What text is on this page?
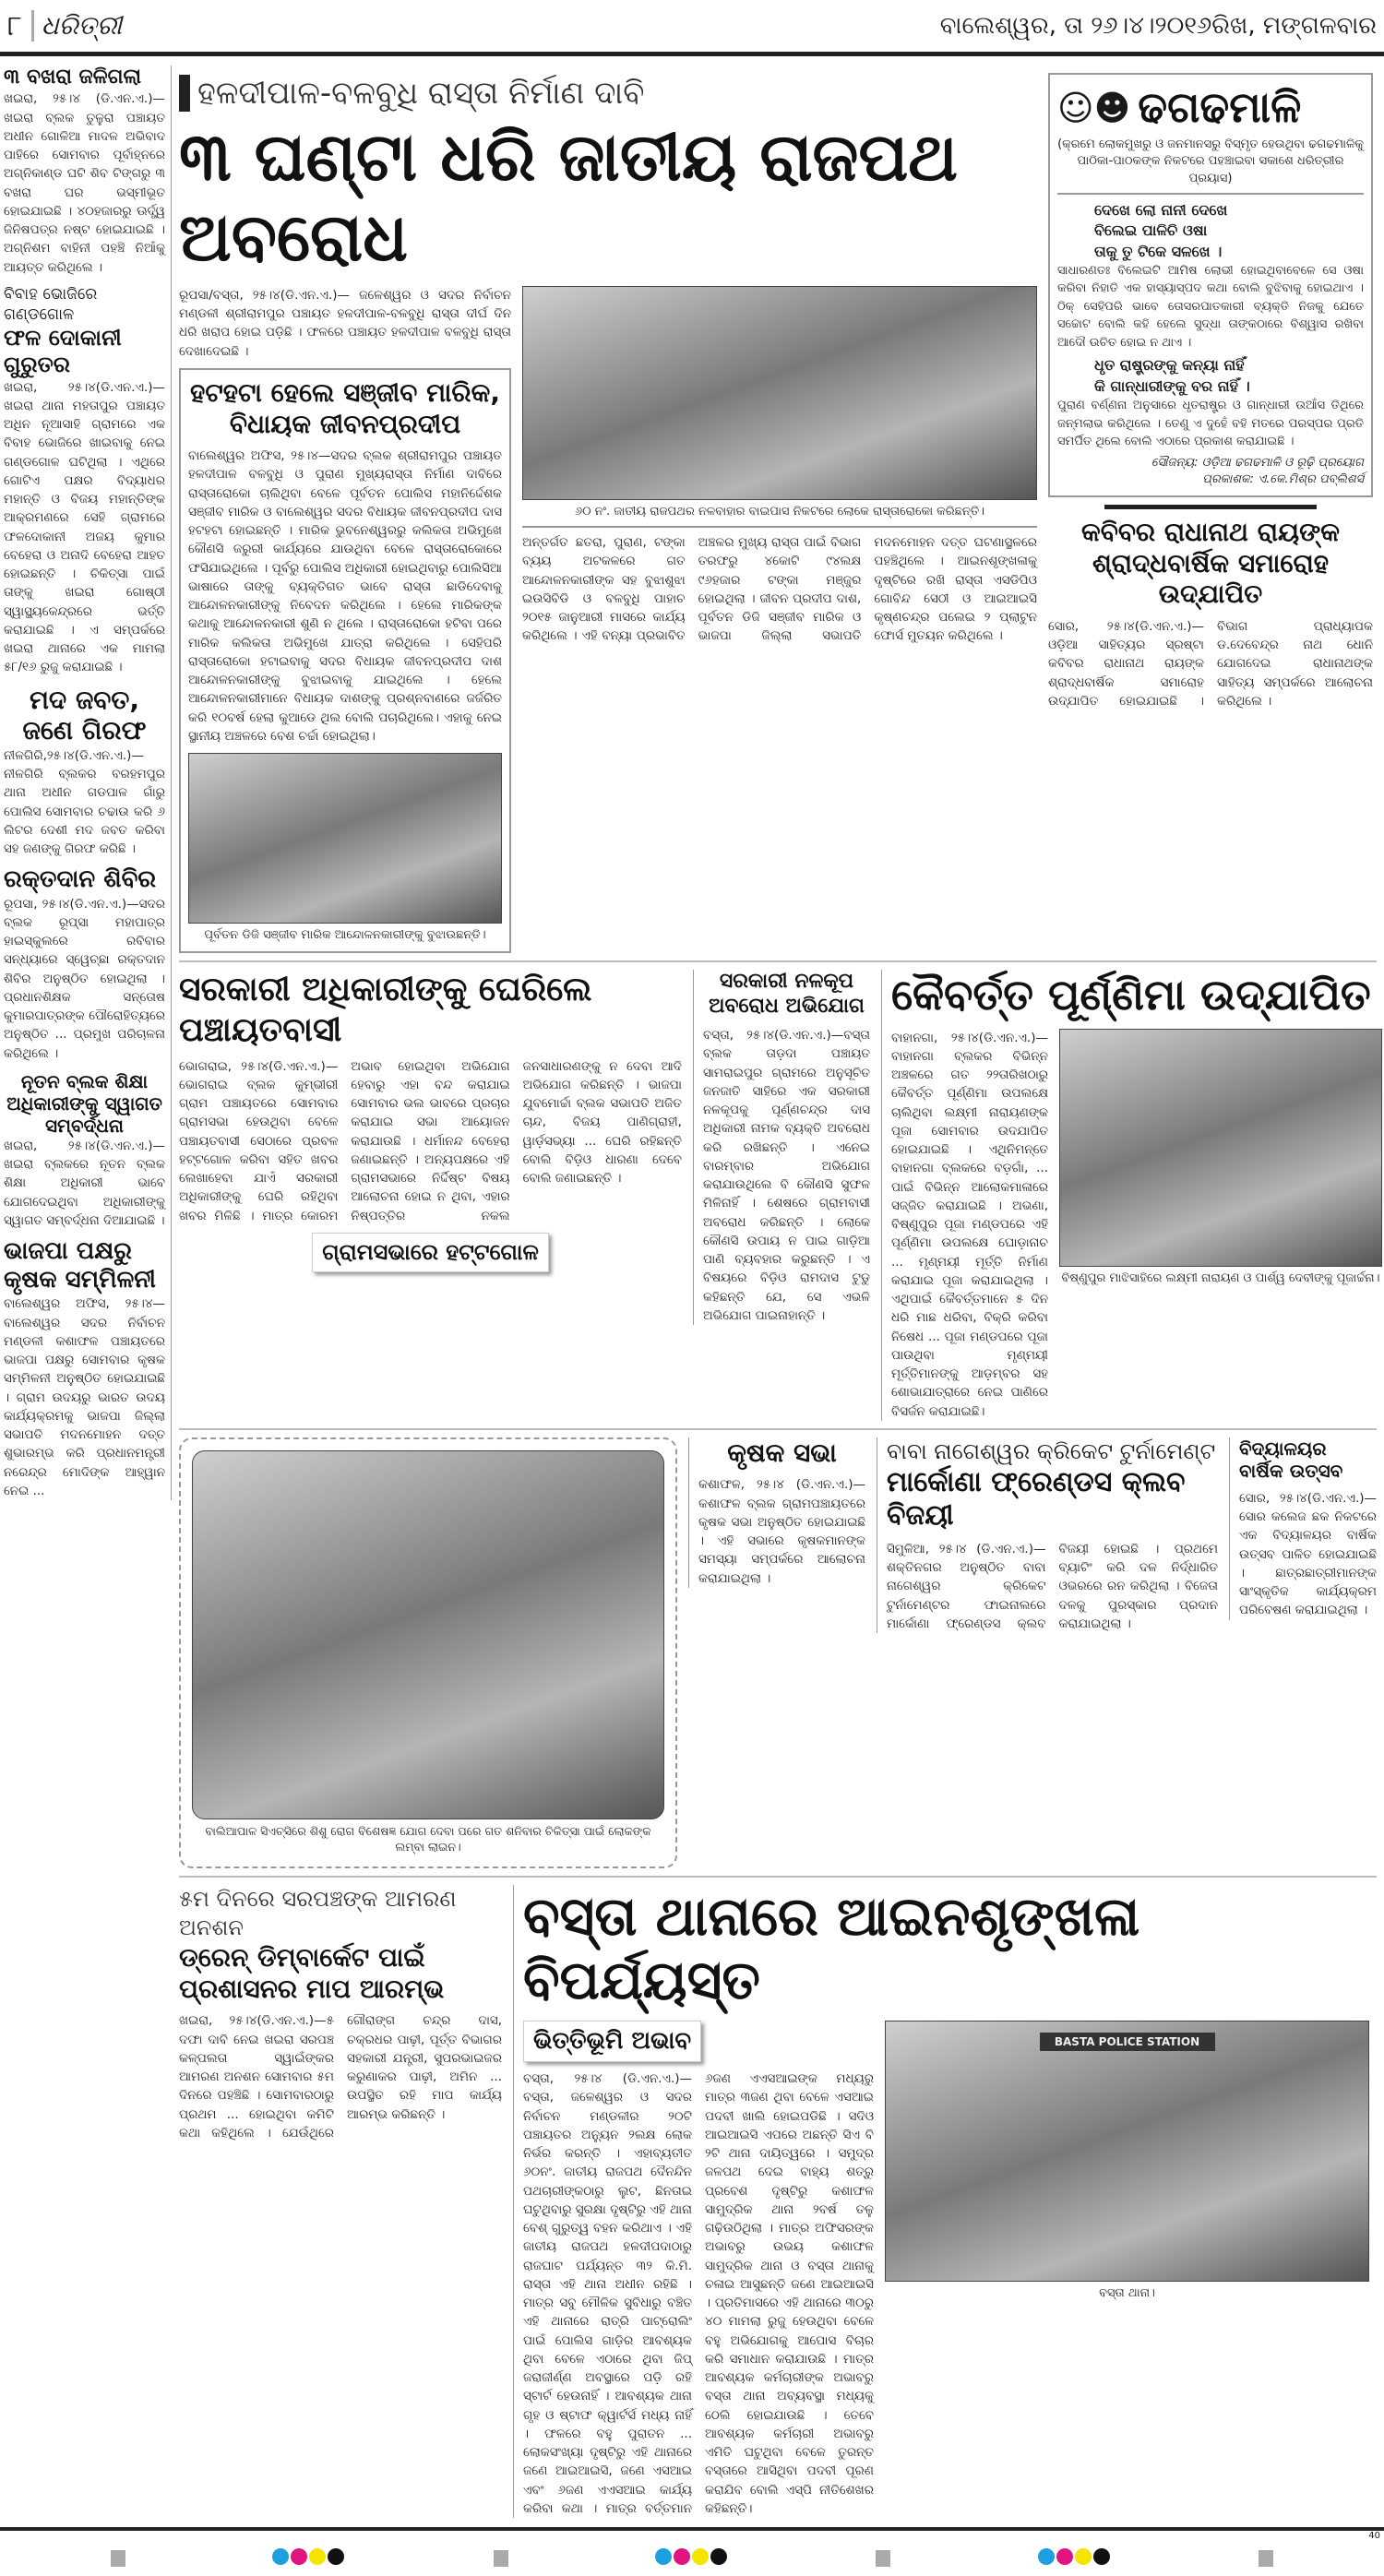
୮ ଧରିତ୍ରୀ	ବାଲେଶ୍ୱର, ତା ୨୬।୪।୨୦୧୬ରିଖ, ମଙ୍ଗଳବାର
୩ ବଖରା ଜଳିଗଲା
ଖଇରା, ୨୫।୪ (ଡି.ଏନ.ଏ.)—ଖଇରା ବ୍ଲକ ତୁଳୁରା ପଞ୍ଚାୟତ ଅଧୀନ ଗୋଳିଆ ମାଦଳ ଅଭିବାଦ ପାହିରେ ସୋମବାର ପୂର୍ବାହ୍ନରେ ଅଗ୍ନିକାଣ୍ଡ ଘଟି ଶିବ ଟିଙ୍ଗରୁ ୩ ବଖରା ଘର ଭସ୍ମୀଭୂତ ହୋଇଯାଇଛି । ୪୦ହଜାରରୁ ଊର୍ଦ୍ଧ୍ୱ ଜିନିଷପତ୍ର ନଷ୍ଟ ହୋଇଯାଇଛି । ଅଗ୍ନିଶମ ବାହିନୀ ପହଞ୍ଚି ନିଆଁକୁ ଆୟତ୍ତ କରିଥିଲେ ।
ବିବାହ ଭୋଜିରେ ଗଣ୍ଡଗୋଳ
ଫଳ ଦୋକାନୀ ଗୁରୁତର
ଖଇରା, ୨୫।୪(ଡି.ଏନ.ଏ.)— ଖଇରା ଥାନା ମହତାପୁର ପଞ୍ଚାୟତ ଅଧିନ ନୂଆସାହି ଗ୍ରାମରେ ଏକ ବିବାହ ଭୋଜିରେ ଖାଇବାକୁ ନେଇ ଗଣ୍ଡଗୋଳ ଘଟିଥିଲା । ଏଥିରେ ଗୋଟିଏ ପକ୍ଷର ବିଦ୍ୟାଧର ମହାନ୍ତି ଓ ବିଜୟ ମହାନ୍ତିଙ୍କ ଆକ୍ରମଣରେ ସେହି ଗ୍ରାମରେ ଫଳଦୋକାନୀ ଅଜୟ କୁମାର ବେହେରା ଓ ଅନାଦି ବେହେରା ଆହତ ହୋଇଛନ୍ତି । ଚିକିତ୍ସା ପାଇଁ ତାଙ୍କୁ ଖଇରା ଗୋଷ୍ଠୀ ସ୍ୱାସ୍ଥ୍ୟକେନ୍ଦ୍ରରେ ଭର୍ତ୍ତି କରାଯାଇଛି । ଏ ସମ୍ପର୍କରେ ଖଇରା ଥାନାରେ ଏକ ମାମଲା ୫୮/୧୬ ରୁଜୁ କରାଯାଇଛି ।
ମଦ ଜବତ, ଜଣେ ଗିରଫ
ନୀଳଗିରି,୨୫।୪(ଡି.ଏନ.ଏ.)— ନୀଳଗିରି ବ୍ଲକର ବରହମପୁର ଥାନା ଅଧୀନ ଗଡପାଳ ଗାଁରୁ ପୋଲିସ ସୋମବାର ଚଢାଉ କରି ୬ ଲିଟର ଦେଶୀ ମଦ ଜବତ କରିବା ସହ ଜଣଙ୍କୁ ଗିରଫ କରିଛି ।
ରକ୍ତଦାନ ଶିବିର
ରୂପସା, ୨୫।୪(ଡି.ଏନ.ଏ.)—ସଦର ବ୍ଲକ ରୂପ୍ସା ମହାପାତ୍ର ହାଇସ୍କୁଲରେ ରବିବାର ସନ୍ଧ୍ୟାରେ ସ୍ୱେଚ୍ଛା ରକ୍ତଦାନ ଶିବିର ଅନୁଷ୍ଠିତ ହୋଇଥିଲା । ପ୍ରଧାନଶିକ୍ଷକ ସନ୍ତୋଷ କୁମାରପାତ୍ରଙ୍କ ପୌରୋହିତ୍ୟରେ ଅନୁଷ୍ଠିତ ... ପ୍ରମୁଖ ପରିଚାଳନା କରିଥିଲେ ।
ନୂତନ ବ୍ଲକ ଶିକ୍ଷା ଅଧିକାରୀଙ୍କୁ ସ୍ୱାଗତ ସମ୍ବର୍ଦ୍ଧନା
ଖଇରା, ୨୫।୪(ଡି.ଏନ.ଏ.)—ଖଇରା ବ୍ଲକରେ ନୂତନ ବ୍ଲକ ଶିକ୍ଷା ଅଧିକାରୀ ଭାବେ ଯୋଗଦେଇଥିବା ଅଧିକାରୀଙ୍କୁ ସ୍ୱାଗତ ସମ୍ବର୍ଦ୍ଧନା ଦିଆଯାଇଛି ।
ଭାଜପା ପକ୍ଷରୁ କୃଷକ ସମ୍ମିଳନୀ
ବାଲେଶ୍ୱର ଅଫିସ, ୨୫।୪—ବାଲେଶ୍ୱର ସଦର ନିର୍ବାଚନ ମଣ୍ଡଳୀ କଶାଫଳ ପଞ୍ଚାୟତରେ ଭାଜପା ପକ୍ଷରୁ ସୋମବାର କୃଷକ ସମ୍ମିଳନୀ ଅନୁଷ୍ଠିତ ହୋଇଯାଇଛି । ଗ୍ରାମ ଉଦୟରୁ ଭାରତ ଉଦୟ କାର୍ଯ୍ୟକ୍ରମକୁ ଭାଜପା ଜିଲ୍ଲା ସଭାପତି ମଦନମୋହନ ଦତ୍ତ ଶୁଭାରମ୍ଭ କରି ପ୍ରଧାନମନ୍ତ୍ରୀ ନରେନ୍ଦ୍ର ମୋଦିଙ୍କ ଆହ୍ୱାନ ନେଇ ...
ହଳଦୀପାଳ-ବଳବୁଧି ରାସ୍ତା ନିର୍ମାଣ ଦାବି
୩ ଘଣ୍ଟା ଧରି ଜାତୀୟ ରାଜପଥ ଅବରୋଧ
ରୂପସା/ବସ୍ତା, ୨୫।୪(ଡି.ଏନ.ଏ.)— ଜଳେଶ୍ୱର ଓ ସଦର ନିର୍ବାଚନ ମଣ୍ଡଳୀ ଶ୍ରୀରାମପୁର ପଞ୍ଚାୟତ ହଳଦୀପାଳ-ବଳବୁଧି ରାସ୍ତା ଦୀର୍ଘ ଦିନ ଧରି ଖରାପ ହୋଇ ପଡ଼ିଛି । ଫଳରେ ପଞ୍ଚାୟତ ହଳଦୀପାଳ ବଳବୁଧି ରାସ୍ତା ଦେଖାଦେଇଛି ।
ହଟହଟା ହେଲେ ସଞ୍ଜୀବ ମାରିକ, ବିଧାୟକ ଜୀବନପ୍ରଦୀପ
ବାଲେଶ୍ୱର ଅଫିସ, ୨୫।୪—ସଦର ବ୍ଲକ ଶ୍ରୀରାମପୁର ପଞ୍ଚାୟତ ହଳଦୀପାଳ ବଳବୁଧି ଓ ପୁରାଣ ମୁଖ୍ୟରାସ୍ତା ନିର୍ମାଣ ଦାବିରେ ରାସ୍ତାରୋକୋ ଚାଲିଥିବା ବେଳେ ପୂର୍ବତନ ପୋଲିସ ମହାନିର୍ଦ୍ଦେଶକ ସଞ୍ଜୀବ ମାରିକ ଓ ବାଲେଶ୍ୱର ସଦର ବିଧାୟକ ଜୀବନପ୍ରଦୀପ ଦାସ ହଟହଟା ହୋଇଛନ୍ତି । ମାରିକ ଭୁବନେଶ୍ୱରରୁ କଲିକତା ଅଭିମୁଖେ କୌଣସି ଜରୁରୀ କାର୍ଯ୍ୟରେ ଯାଉଥିବା ବେଳେ ରାସ୍ତାରୋକୋରେ ଫସିଯାଇଥିଲେ । ପୂର୍ବରୁ ପୋଲିସ ଅଧିକାରୀ ହୋଇଥିବାରୁ ପୋଲିସିଆ ଭାଷାରେ ତାଙ୍କୁ ବ୍ୟକ୍ତିଗତ ଭାବେ ରାସ୍ତା ଛାଡିଦେବାକୁ ଆନ୍ଦୋଳନକାରୀଙ୍କୁ ନିବେଦନ କରିଥିଲେ । ହେଲେ ମାରିକଙ୍କ କଥାକୁ ଆନ୍ଦୋଳନକାରୀ ଶୁଣି ନ ଥିଲେ । ରାସ୍ତାରୋକୋ ହଟିବା ପରେ ମାରିକ କଲିକତା ଅଭିମୁଖେ ଯାତ୍ରା କରିଥିଲେ । ସେହିପରି ରାସ୍ତାରୋକୋ ହଟାଇବାକୁ ସଦର ବିଧାୟକ ଜୀବନପ୍ରଦୀପ ଦାଶ ଆନ୍ଦୋଳନକାରୀଙ୍କୁ ବୁଝାଇବାକୁ ଯାଇଥିଲେ । ହେଲେ ଆନ୍ଦୋଳନକାରୀମାନେ ବିଧାୟକ ଦାଶଙ୍କୁ ପ୍ରଶ୍ନବାଣରେ ଜର୍ଜରିତ କରି ୧୦ବର୍ଷ ହେଲା କୁଆଡେ ଥିଲ ବୋଲି ପଚାରିଥିଲେ। ଏହାକୁ ନେଇ ସ୍ଥାନୀୟ ଅଞ୍ଚଳରେ ବେଶ ଚର୍ଚ୍ଚା ହୋଇଥିଲା।
ପୂର୍ବତନ ଡିଜି ସଞ୍ଜୀବ ମାରିକ ଆନ୍ଦୋଳନକାରୀଙ୍କୁ ବୁଝାଉଛନ୍ତି।
୬୦ ନଂ. ଜାତୀୟ ରାଜପଥର ନଳବାହାର ବାଇପାସ ନିକଟରେ ଲୋକେ ରାସ୍ତାରୋକୋ କରିଛନ୍ତି।
ଅନ୍ତର୍ଗତ ଛତରା, ପୁରାଣ, ଟଙ୍କା ବ୍ୟୟ ଅଟକଳରେ ଗତ ଆନ୍ଦୋଳନକାରୀଙ୍କ ସହ ବୁଝାଶୁଝା ଇଉସିବିଡି ଓ ବଳବୁଧି ପାହାଚ ୨୦୧୫ ଜାନୁଆରୀ ମାସରେ କାର୍ଯ୍ୟ କରିଥିଲେ । ଏହି ବନ୍ୟା ପ୍ରଭାବିତ ଅଞ୍ଚଳର ମୁଖ୍ୟ ରାସ୍ତା ପାଇଁ ବିଭାଗ ତରଫରୁ ୪କୋଟି ୯୪ଲକ୍ଷ ୯୬ହଜାର ଟଙ୍କା ମଞ୍ଜୁର ହୋଇଥିଲା । ଜୀବନ ପ୍ରଦୀପ ଦାଶ, ପୂର୍ବତନ ଡିଜି ସଞ୍ଜୀବ ମାରିକ ଓ ଭାଜପା ଜିଲ୍ଲା ସଭାପତି ମଦନମୋହନ ଦତ୍ତ ଘଟଣାସ୍ଥଳରେ ପହଞ୍ଚିଥିଲେ । ଆଇନଶୃଙ୍ଖଳାକୁ ଦୃଷ୍ଟିରେ ରଖି ରାସ୍ତା ଏସଡିପିଓ ଗୋବିନ୍ଦ ସେଠୀ ଓ ଆଇଆଇସି କୃଷ୍ଣଚନ୍ଦ୍ର ପଲେଇ ୨ ପ୍ଲାଟୁନ ଫୋର୍ସ ମୁତୟନ କରିଥିଲେ ।
☺☻ ଢଗଢମାଳି
(କ୍ରମେ ଲୋକମୁଖରୁ ଓ ଜନମାନସରୁ ବିସ୍ମୃତ ହେଉଥିବା ଢଗଢମାଳିକୁ ପାଠିକା-ପାଠକଙ୍କ ନିକଟରେ ପହଞ୍ଚାଇବା ସକାଶେ ଧରିତ୍ରୀର ପ୍ରୟାସ)
ଦେଖେ ଲୋ ନାନୀ ଦେଖେ
ବିଲେଇ ପାଳିଚି ଓଷା
ତାକୁ ତୁ ଟିକେ ସଳଖେ ।
ସାଧାରଣତଃ ବିଲେଇଟି ଆମିଷ ଲୋଭୀ ହୋଇଥିବାବେଳେ ସେ ଓଷା କରିବା ନିହାତି ଏକ ହାସ୍ୟାସ୍ପଦ କଥା ବୋଲି ବୁଝିବାକୁ ହୋଇଥାଏ । ଠିକ୍ ସେହିପରି ଭାବେ ତୋସରପାତକାରୀ ବ୍ୟକ୍ତି ନିଜକୁ ଯେତେ ସଚ୍ଚୋଟ ବୋଲି କହି ହେଲେ ସୁଦ୍ଧା ତାଙ୍କଠାରେ ବିଶ୍ୱାସ ରଖିବା ଆଦୌ ଉଚିତ ହୋଇ ନ ଥାଏ ।
ଧୃତ ରାଷ୍ଟ୍ରଙ୍କୁ କନ୍ୟା ନାହିଁ
କି ଗାନ୍ଧାରୀଙ୍କୁ ବର ନାହିଁ ।
ପୁରାଣ ବର୍ଣ୍ଣନା ଅନୁସାରେ ଧୃତରାଷ୍ଟ୍ର ଓ ଗାନ୍ଧାରୀ ଉଆଁସ ତିଥିରେ ଜନ୍ମଲାଭ କରିଥିଲେ । ତେଣୁ ଏ ଦୁହେଁ ବହି ମତରେ ପରସ୍ପର ପ୍ରତି ସମର୍ପିତ ଥିଲେ ବୋଲି ଏଠାରେ ପ୍ରକାଶ କରାଯାଇଛି ।
ସୌଜନ୍ୟ: ଓଡ଼ିଆ ଢଗଢମାଳି ଓ ରୂଢ଼ି ପ୍ରୟୋଗ
ପ୍ରକାଶକ: ଏ.କେ.ମିଶ୍ର ପବ୍ଲିଶର୍ସ
କବିବର ରାଧାନାଥ ରାୟଙ୍କ ଶ୍ରାଦ୍ଧବାର୍ଷିକ ସମାରୋହ ଉଦ୍‌ଯାପିତ
ସୋର, ୨୫।୪(ଡି.ଏନ.ଏ.)—ଓଡ଼ିଆ ସାହିତ୍ୟର ସ୍ରଷ୍ଟା କବିବର ରାଧାନାଥ ରାୟଙ୍କ ଶ୍ରାଦ୍ଧବାର୍ଷିକ ସମାରୋହ ଉଦ୍‌ଯାପିତ ହୋଇଯାଇଛି । ବିଭାଗ ପ୍ରାଧ୍ୟାପକ ଡ.ଦେବେନ୍ଦ୍ର ନାଥ ଧୋନି ଯୋଗଦେଇ ରାଧାନାଥଙ୍କ ସାହିତ୍ୟ ସମ୍ପର୍କରେ ଆଲୋଚନା କରିଥିଲେ ।
ସରକାରୀ ଅଧିକାରୀଙ୍କୁ ଘେରିଲେ ପଞ୍ଚାୟତବାସୀ
ଭୋଗରାଇ, ୨୫।୪(ଡି.ଏନ.ଏ.)— ଭୋଗରାଇ ବ୍ଲକ କୁମ୍ଭୀରୀ ଗ୍ରାମ ପଞ୍ଚାୟତରେ ସୋମବାର ଗ୍ରାମସଭା ହେଉଥିବା ବେଳେ ପଞ୍ଚାୟତବାସୀ ସେଠାରେ ପ୍ରବଳ ହଟ୍ଟଗୋଳ କରିବା ସହିତ ଖବର ଲେଖାହେବା ଯାଏଁ ସରକାରୀ ଅଧିକାରୀଙ୍କୁ ଘେରି ରହିଥିବା ଖବର ମିଳିଛି । ମାତ୍ର କୋରମ ଅଭାବ ହୋଇଥିବା ଅଭିଯୋଗ ହେବାରୁ ଏହା ବନ୍ଦ କରାଯାଇ ସୋମବାର ଭଲ ଭାବରେ ପ୍ରଚାର କରାଯାଇ ସଭା ଆୟୋଜନ କରାଯାଉଛି । ଧର୍ମାନନ୍ଦ ବେହେରା ଜଣାଇଛନ୍ତି । ଅନ୍ୟପକ୍ଷରେ ଏହି ଗ୍ରାମସଭାରେ ନିର୍ଦ୍ଦିଷ୍ଟ ବିଷୟ ଆଲୋଚନା ହୋଇ ନ ଥିବା, ଏହାର ନିଷ୍ପତ୍ତିର ନକଲ ଜନସାଧାରଣଙ୍କୁ ନ ଦେବା ଆଦି ଅଭିଯୋଗ କରିଛନ୍ତି । ଭାଜପା ଯୁବମୋର୍ଚ୍ଚା ବ୍ଲକ ସଭାପତି ଅଜିତ ଚାନ୍ଦ, ବିଜୟ ପାଣିଗ୍ରାହୀ, ୱାର୍ଡ଼ସଭ୍ୟା ... ଘେରି ରହିଛନ୍ତି ବୋଲି ବିଡ଼ିଓ ଧାରଣା ଦେବେ ବୋଲି ଜଣାଇଛନ୍ତି ।
ଗ୍ରାମସଭାରେ ହଟ୍ଟଗୋଳ
ସରକାରୀ ନଳକୂପ ଅବରୋଧ ଅଭିଯୋଗ
ବସ୍ତା, ୨୫।୪(ଡି.ଏନ.ଏ.)—ବସ୍ତା ବ୍ଲକ ତାଡ଼ଦା ପଞ୍ଚାୟତ ସାମରାଇପୁର ଗ୍ରାମରେ ଅନୁସୂଚିତ ଜନଜାତି ସାହିରେ ଏକ ସରକାରୀ ନଳକୂପକୁ ପୂର୍ଣ୍ଣଚନ୍ଦ୍ର ଦାସ ଅଧିକାରୀ ନାମକ ବ୍ୟକ୍ତି ଅବରୋଧ କରି ରଖିଛନ୍ତି । ଏନେଇ ବାରମ୍ବାର ଅଭିଯୋଗ କରାଯାଉଥିଲେ ବି କୌଣସି ସୁଫଳ ମିଳିନାହିଁ । ଶେଷରେ ଗ୍ରାମବାସୀ ଅବରୋଧ କରିଛନ୍ତି । ଲୋକେ କୌଣସି ଉପାୟ ନ ପାଇ ଗାଡ଼ିଆ ପାଣି ବ୍ୟବହାର କରୁଛନ୍ତି । ଏ ବିଷୟରେ ବିଡ଼ିଓ ରାମଦାସ ଟୁଡୁ କହିଛନ୍ତି ଯେ, ସେ ଏଭଳି ଅଭିଯୋଗ ପାଇନାହାନ୍ତି ।
କୈବର୍ତ୍ତ ପୂର୍ଣ୍ଣିମା ଉଦ୍‌ଯାପିତ
ବାହାନଗା, ୨୫।୪(ଡି.ଏନ.ଏ.)— ବାହାନଗା ବ୍ଲକର ବିଭିନ୍ନ ଅଞ୍ଚଳରେ ଗତ ୨୨ତାରିଖଠାରୁ କୈବର୍ତ୍ତ ପୂର୍ଣ୍ଣିମା ଉପଲକ୍ଷେ ଚାଲିଥିବା ଲକ୍ଷ୍ମୀ ନାରାୟଣଙ୍କ ପୂଜା ସୋମବାର ଉଦଯାପିତ ହୋଇଯାଇଛି । ଏଥିନିମନ୍ତେ ବାହାନଗା ବ୍ଲକରେ ବଡ଼ଗାଁ, ... ପାଇଁ ବିଭିନ୍ନ ଆଲୋକମାଳାରେ ସଜ୍ଜିତ କରାଯାଇଛି । ଅଭଣା, ବିଷ୍ଣୁପୁର ପୂଜା ମଣ୍ଡପରେ ଏହି ପୂର୍ଣ୍ଣିମା ଉପଲକ୍ଷେ ଘୋଡ଼ାନାଚ ... ମୃଣ୍ମୟୀ ମୂର୍ତ୍ତି ନିର୍ମାଣ କରାଯାଇ ପୂଜା କରାଯାଇଥିଲା । ଏଥିପାଇଁ କୈବର୍ତ୍ତମାନେ ୫ ଦିନ ଧରି ମାଛ ଧରିବା, ବିକ୍ରି କରିବା ନିଷେଧ ... ପୂଜା ମଣ୍ଡପରେ ପୂଜା ପାଉଥିବା ମୃଣ୍ମୟୀ ମୂର୍ତ୍ତିମାନଙ୍କୁ ଆଡ଼ମ୍ବର ସହ ଶୋଭାଯାତ୍ରାରେ ନେଇ ପାଣିରେ ବିସର୍ଜନ କରାଯାଇଛି।
ବିଷ୍ଣୁପୁର ମାଝିସାହିରେ ଲକ୍ଷ୍ମୀ ନାରାୟଣ ଓ ପାର୍ଶ୍ୱ ଦେବୀଙ୍କୁ ପୂଜାର୍ଚ୍ଚନା।
ବାଲିଆପାଳ ସିଏଚ୍‌ସିରେ ଶିଶୁ ରୋଗ ବିଶେଷଜ୍ଞ ଯୋଗ ଦେବା ପରେ ଗତ ଶନିବାର ଚିକିତ୍ସା ପାଇଁ ଲୋକଙ୍କ ଲମ୍ବା ଲାଇନ।
କୃଷକ ସଭା
କଶାଫଳ, ୨୫।୪ (ଡି.ଏନ.ଏ.)— କଶାଫଳ ବ୍ଲକ ଗ୍ରାମପଞ୍ଚାୟତରେ କୃଷକ ସଭା ଅନୁଷ୍ଠିତ ହୋଇଯାଇଛି । ଏହି ସଭାରେ କୃଷକମାନଙ୍କ ସମସ୍ୟା ସମ୍ପର୍କରେ ଆଲୋଚନା କରାଯାଇଥିଲା ।
ବାବା ନାଗେଶ୍ୱର କ୍ରିକେଟ ଟୁର୍ନାମେଣ୍ଟ
ମାର୍କୋଣା ଫ୍ରେଣ୍ଡସ କ୍ଲବ ବିଜୟୀ
ସିମୁଳିଆ, ୨୫।୪ (ଡି.ଏନ.ଏ.)—ଶକ୍ତିନଗର ଅନୁଷ୍ଠିତ ବାବା ନାଗେଶ୍ୱର କ୍ରିକେଟ ଟୁର୍ନାମେଣ୍ଟର ଫାଇନାଲରେ ମାର୍କୋଣା ଫ୍ରେଣ୍ଡସ କ୍ଲବ ବିଜୟୀ ହୋଇଛି । ପ୍ରଥମେ ବ୍ୟାଟିଂ କରି ଦଳ ନିର୍ଦ୍ଧାରିତ ଓଭରରେ ରନ କରିଥିଲା । ବିଜେତା ଦଳକୁ ପୁରସ୍କାର ପ୍ରଦାନ କରାଯାଇଥିଲା ।
ବିଦ୍ୟାଳୟର ବାର୍ଷିକ ଉତ୍ସବ
ସୋର, ୨୫।୪(ଡି.ଏନ.ଏ.)—ସୋର କଲେଜ ଛକ ନିକଟରେ ଏକ ବିଦ୍ୟାଳୟର ବାର୍ଷିକ ଉତ୍ସବ ପାଳିତ ହୋଇଯାଇଛି । ଛାତ୍ରଛାତ୍ରୀମାନଙ୍କ ସାଂସ୍କୃତିକ କାର୍ଯ୍ୟକ୍ରମ ପରିବେଷଣ କରାଯାଇଥିଲା ।
୫ମ ଦିନରେ ସରପଞ୍ଚଙ୍କ ଆମରଣ ଅନଶନ
ଡ୍ରେନ୍ ଡିମ୍ବାର୍କେଟ ପାଇଁ ପ୍ରଶାସନର ମାପ ଆରମ୍ଭ
ଖଇରା, ୨୫।୪(ଡି.ଏନ.ଏ.)—୫ ଦଫା ଦାବି ନେଇ ଖଇରା ସରପଞ୍ଚ କଳ୍ପଲତା ସ୍ୱାଇଁଙ୍କର ଆମରଣ ଅନଶନ ସୋମବାର ୫ମ ଦିନରେ ପହଞ୍ଚିଛି । ସୋମବାରଠାରୁ ପ୍ରଥମ ... ହୋଇଥିବା କମିଟି କଥା କହିଥିଲେ । ଯେଉଁଥିରେ ଗୌରାଙ୍ଗ ଚନ୍ଦ୍ର ଦାସ, ଚକ୍ରଧର ପାଢ଼ୀ, ପୂର୍ତ୍ତ ବିଭାଗର ସହକାରୀ ଯନ୍ତ୍ରୀ, ସୁପରଭାଇଜର କରୁଣାକର ପାଢ଼ୀ, ଅମିନ ... ଉପସ୍ଥିତ ରହି ମାପ କାର୍ଯ୍ୟ ଆରମ୍ଭ କରିଛନ୍ତି ।
ବସ୍ତା ଥାନାରେ ଆଇନଶୃଙ୍ଖଳା ବିପର୍ଯ୍ୟସ୍ତ
ଭିତ୍ତିଭୂମି ଅଭାବ
ବସ୍ତା, ୨୫।୪ (ଡି.ଏନ.ଏ.)— ବସ୍ତା, ଜଳେଶ୍ୱର ଓ ସଦର ନିର୍ବାଚନ ମଣ୍ଡଳୀର ୨୦ଟି ପଞ୍ଚାୟତର ଅନ୍ୟୁନ ୨ଲକ୍ଷ ଲୋକ ନିର୍ଭର କରନ୍ତି । ଏହାବ୍ୟତୀତ ୬୦ନଂ. ଜାତୀୟ ରାଜପଥ ଦୈନନ୍ଦିନ ପଥଚାରୀଙ୍କଠାରୁ ଲୁଟ, ଛିନତାଇ ଘଟୁଥିବାରୁ ସୁରକ୍ଷା ଦୃଷ୍ଟିରୁ ଏହି ଥାନା ବେଶ୍ ଗୁରୁତ୍ୱ ବହନ କରିଥାଏ । ଏହି ଜାତୀୟ ରାଜପଥ ହଳଦୀପଦାଠାରୁ ରାଜଘାଟ ପର୍ଯ୍ୟନ୍ତ ୩୨ କି.ମି. ରାସ୍ତା ଏହି ଥାନା ଅଧୀନ ରହିଛି । ମାତ୍ର ସବୁ ମୌଳିକ ସୁବିଧାରୁ ବଞ୍ଚିତ ଏହି ଥାନାରେ ରାତ୍ରି ପାଟ୍ରୋଲିଂ ପାଇଁ ପୋଲିସ ଗାଡ଼ିର ଆବଶ୍ୟକ ଥିବା ବେଳେ ଏଠାରେ ଥିବା ଜିପ୍ ଜରାଜୀର୍ଣ୍ଣ ଅବସ୍ଥାରେ ପଡ଼ି ରହି ସ୍ଟାର୍ଟ ହେଉନାହିଁ । ଆବଶ୍ୟକ ଥାନା ଗୃହ ଓ ଷ୍ଟାଫ କ୍ୱାର୍ଟର୍ସ ମଧ୍ୟ ନାହିଁ । ଫଳରେ ବହୁ ପୁରାତନ ... ଲୋକସଂଖ୍ୟା ଦୃଷ୍ଟିରୁ ଏହି ଥାନାରେ ଜଣେ ଆଇଆଇସି, ଜଣେ ଏସଆଇ ଏବଂ ୬ଜଣ ଏଏସଆଇ କାର୍ଯ୍ୟ କରିବା କଥା । ମାତ୍ର ବର୍ତ୍ତମାନ ୬ଜଣ ଏଏସଆଇଙ୍କ ମଧ୍ୟରୁ ମାତ୍ର ୩ଜଣ ଥିବା ବେଳେ ଏସଆଇ ପଦବୀ ଖାଲି ହୋଇପଡିଛି । ସଦିଓ ଆଇଆଇସି ଏପରେ ଅଛନ୍ତି ସିଏ ବି ୨ଟି ଥାନା ଦାୟିତ୍ୱରେ । ସମୁଦ୍ର ଜଳପଥ ଦେଇ ବାହ୍ୟ ଶତ୍ରୁ ପ୍ରବେଶ ଦୃଷ୍ଟିରୁ କଶାଫଳ ସାମୁଦ୍ରିକ ଥାନା ୨ବର୍ଷ ତଳୁ ଗଢ଼ିଉଠିଥିଲା । ମାତ୍ର ଅଫିସରଙ୍କ ଅଭାବରୁ ଉଭୟ କଶାଫଳ ସାମୁଦ୍ରିକ ଥାନା ଓ ବସ୍ତା ଥାନାକୁ ଚଳାଇ ଆସୁଛନ୍ତି ଜଣେ ଆଇଆଇସି । ପ୍ରତିମାସରେ ଏହି ଥାନାରେ ୩୦ରୁ ୪୦ ମାମଲା ରୁଜୁ ହେଉଥିବା ବେଳେ ବହୁ ଅଭିଯୋଗକୁ ଆପୋସ ବିଚାର କରି ସମାଧାନ କରାଯାଉଛି । ମାତ୍ର ଆବଶ୍ୟକ କର୍ମଚାରୀଙ୍କ ଅଭାବରୁ ବସ୍ତା ଥାନା ଅବ୍ୟବସ୍ଥା ମଧ୍ୟକୁ ଠେଲି ହୋଇଯାଉଛି । ତେବେ ଆବଶ୍ୟକ କର୍ମଚାରୀ ଅଭାବରୁ ଏମିତି ଘଟୁଥିବା ବେଳେ ତୁରନ୍ତ ବସ୍ତାରେ ଆସିଥିବା ପଦବୀ ପୂରଣ କରାଯିବ ବୋଲି ଏସ୍‌ପି ନୀତିଶେଖର କହିଛନ୍ତି।
BASTA POLICE STATION
ବସ୍ତା ଥାନା।
40
